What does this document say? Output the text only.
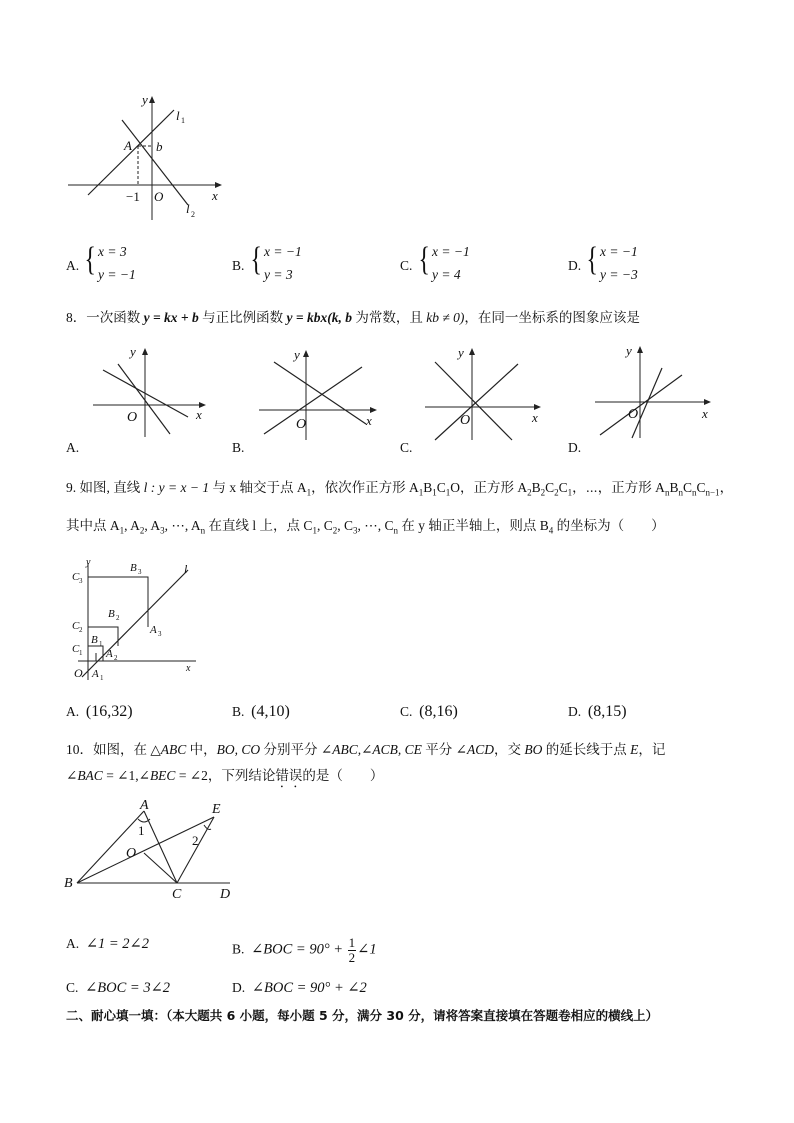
y
x
l 1
l 2
A b
−1 O
A. { x = 3
y = −1
B. { x = −1
y = 3
C. { x = −1
y = 4
D. { x = −1
y = −3
8．一次函数 y = kx + b 与正比例函数 y = kbx(k, b 为常数，且 kb ≠ 0)，在同一坐标系的图象应该是
y
x
O
A.
y
x
O
B.
y
x
O
C.
y
x
O
D.
9. 如图, 直线 l : y = x − 1 与 x 轴交于点 $A_1$，依次作正方形 $A_1B_1C_1O$，正方形 $A_2B_2C_2C_1$，⋯，正方形 $A_nB_nC_nC_{n-1}$，
其中点 $A_1$, $A_2$, $A_3$, ⋯, $A_n$ 在直线 l 上，点 $C_1$, $C_2$, $C_3$, ⋯, $C_n$ 在 y 轴正半轴上，则点 $B_4$ 的坐标为（　　）
y
x
l
O
C 3
C 2
C 1
B 3
B 2
B 1
A 3
A 2
A 1
A. (16,32)	B. (4,10)	C. (8,16)	D. (8,15)
10．如图，在 △ABC 中，BO, CO 分别平分 ∠ABC,∠ACB, CE 平分 ∠ACD，交 BO 的延长线于点 E，记
∠BAC = ∠1,∠BEC = ∠2，下列结论错误的是（　　）
A
B
C	D
E
O
1
2
A. ∠1 = 2∠2	B. ∠BOC = $90^\circ + \frac{1}{2}$ ∠1
C. ∠BOC = 3∠2	D. ∠BOC = 90° + ∠2
二、耐心填一填：（本大题共 6 小题，每小题 5 分，满分 30 分，请将答案直接填在答题卷相应的横线上）
